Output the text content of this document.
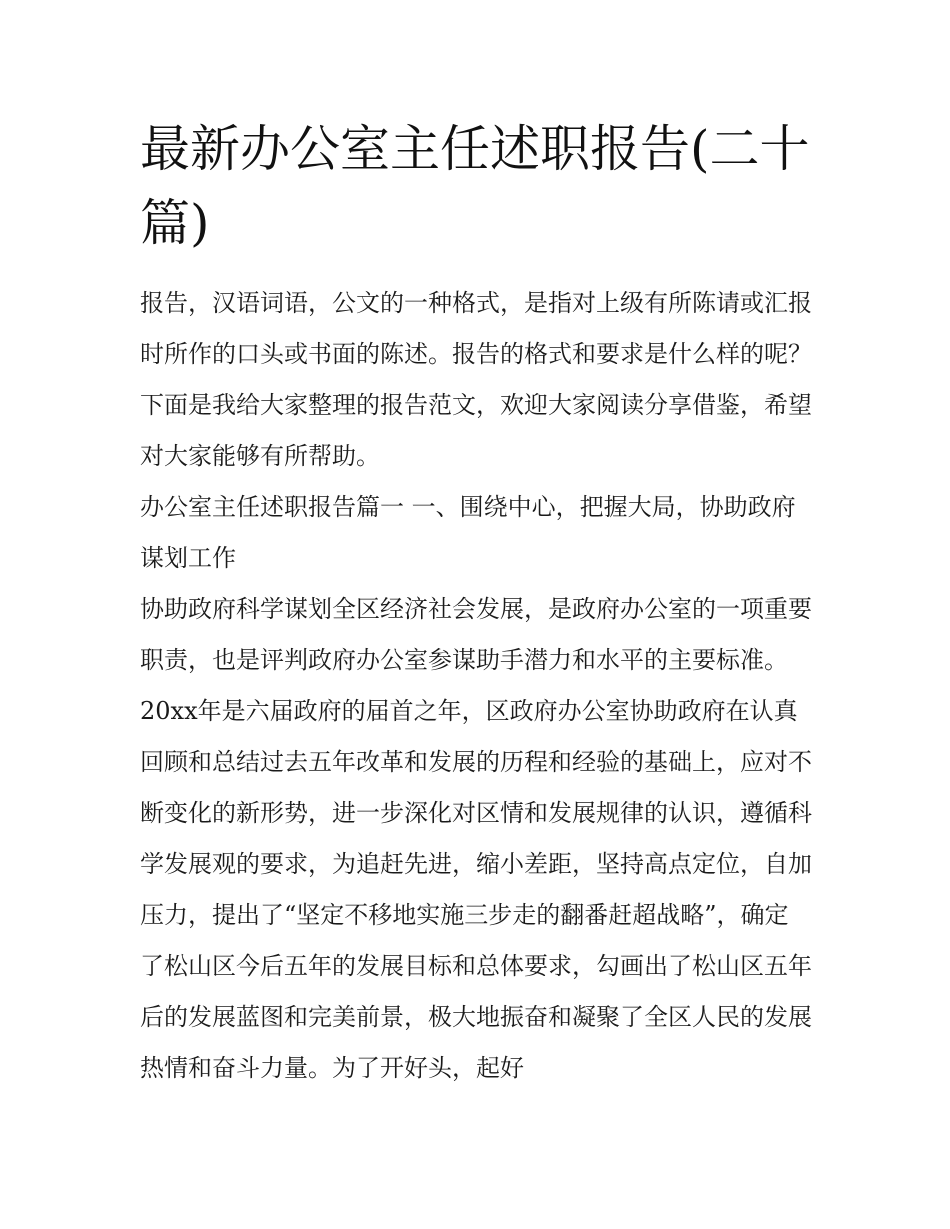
最新办公室主任述职报告(二十篇)

报告，汉语词语，公文的一种格式，是指对上级有所陈请或汇报时所作的口头或书面的陈述。报告的格式和要求是什么样的呢？下面是我给大家整理的报告范文，欢迎大家阅读分享借鉴，希望对大家能够有所帮助。

办公室主任述职报告篇一 一、围绕中心，把握大局，协助政府谋划工作

协助政府科学谋划全区经济社会发展，是政府办公室的一项重要职责，也是评判政府办公室参谋助手潜力和水平的主要标准。20xx年是六届政府的届首之年，区政府办公室协助政府在认真回顾和总结过去五年改革和发展的历程和经验的基础上，应对不断变化的新形势，进一步深化对区情和发展规律的认识，遵循科学发展观的要求，为追赶先进，缩小差距，坚持高点定位，自加压力，提出了“坚定不移地实施三步走的翻番赶超战略”，确定了松山区今后五年的发展目标和总体要求，勾画出了松山区五年后的发展蓝图和完美前景，极大地振奋和凝聚了全区人民的发展热情和奋斗力量。为了开好头，起好
